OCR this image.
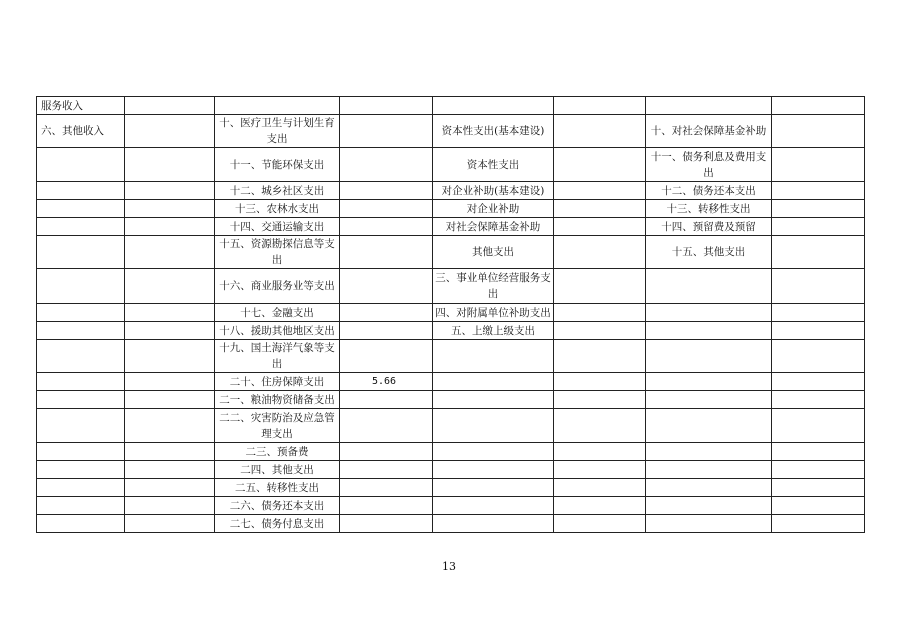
服务收入							
六、其他收入		十、医疗卫生与计划生育支出		资本性支出(基本建设)		十、对社会保障基金补助	
		十一、节能环保支出		资本性支出		十一、债务利息及费用支出	
		十二、城乡社区支出		对企业补助(基本建设)		十二、债务还本支出	
		十三、农林水支出		对企业补助		十三、转移性支出	
		十四、交通运输支出		对社会保障基金补助		十四、预留费及预留	
		十五、资源勘探信息等支出		其他支出		十五、其他支出	
		十六、商业服务业等支出		三、事业单位经营服务支出			
		十七、金融支出		四、对附属单位补助支出			
		十八、援助其他地区支出		五、上缴上级支出			
		十九、国土海洋气象等支出					
		二十、住房保障支出	5.66				
		二一、粮油物资储备支出					
		二二、灾害防治及应急管理支出					
		二三、预备费					
		二四、其他支出					
		二五、转移性支出					
		二六、债务还本支出					
		二七、债务付息支出					
13
